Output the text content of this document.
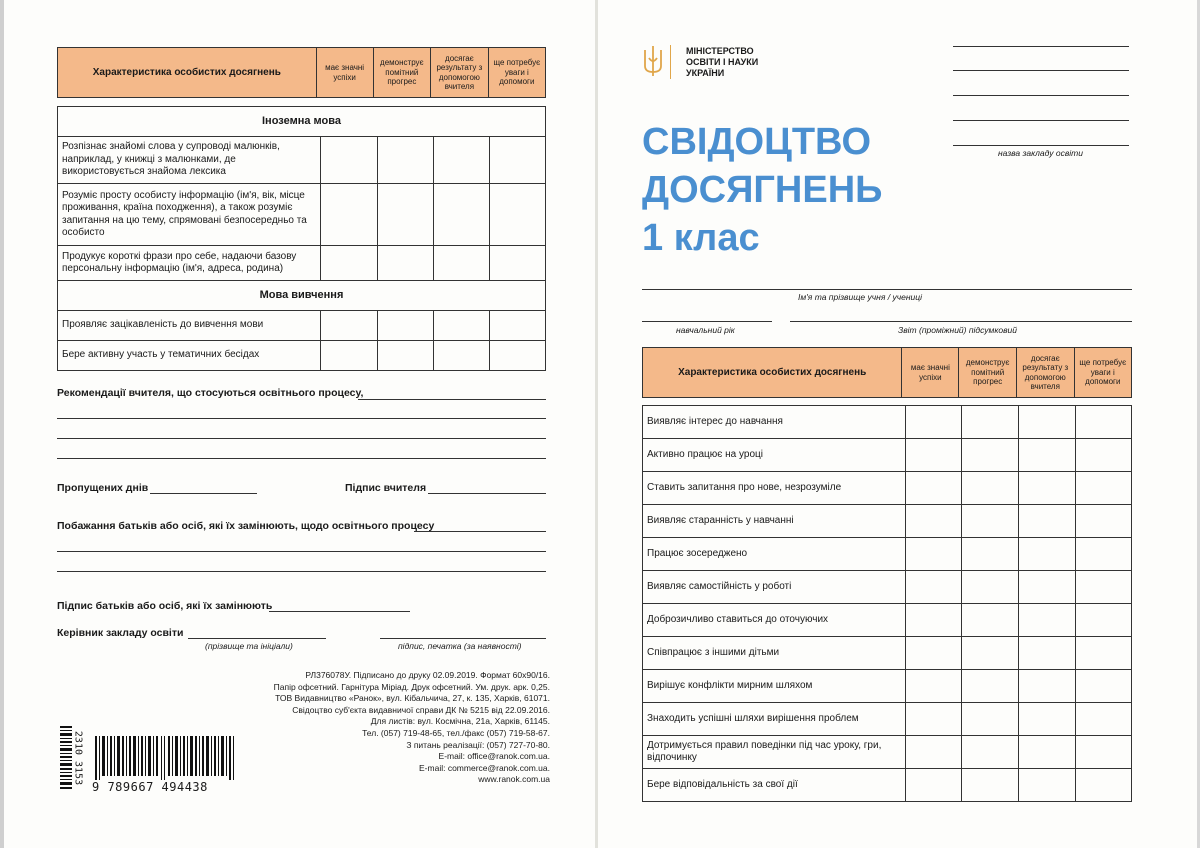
Характеристика особистих досягнень	має значні успіхи	демонструє помітний прогрес	досягає результату з допомогою вчителя	ще потребує уваги і допомоги
Іноземна мова				
Розпізнає знайомі слова у супроводі малюнків, наприклад, у книжці з малюнками, де використовується знайома лексика				
Розуміє просту особисту інформацію (ім'я, вік, місце проживання, країна походження), а також розуміє запитання на цю тему, спрямовані безпосередньо та особисто				
Продукує короткі фрази про себе, надаючи базову персональну інформацію (ім'я, адреса, родина)				
Мова вивчення				
Проявляє зацікавленість до вивчення мови				
Бере активну участь у тематичних бесідах				
Рекомендації вчителя, що стосуються освітнього процесу,
Пропущених днів	Підпис вчителя
Побажання батьків або осіб, які їх замінюють, щодо освітнього процесу
Підпис батьків або осіб, які їх замінюють
Керівник закладу освіти
(прізвище та ініціали)	підпис, печатка (за наявності)
РЛ376078У. Підписано до друку 02.09.2019. Формат 60х90/16.
Папір офсетний. Гарнітура Міріад. Друк офсетний. Ум. друк. арк. 0,25.
ТОВ Видавництво «Ранок», вул. Кібальчича, 27, к. 135, Харків, 61071.
Свідоцтво суб'єкта видавничої справи ДК № 5215 від 22.09.2016.
Для листів: вул. Космічна, 21а, Харків, 61145.
Тел. (057) 719-48-65, тел./факс (057) 719-58-67.
З питань реалізації: (057) 727-70-80.
E-mail: office@ranok.com.ua.
E-mail: commerce@ranok.com.ua.
www.ranok.com.ua
9 789667 494438
2310 3153
МІНІСТЕРСТВО
ОСВІТИ І НАУКИ
УКРАЇНИ
назва закладу освіти
СВІДОЦТВО
ДОСЯГНЕНЬ
1 клас
Ім'я та прізвище учня / учениці
навчальний рік	Звіт (проміжний) підсумковий
Характеристика особистих досягнень	має значні успіхи	демонструє помітний прогрес	досягає результату з допомогою вчителя	ще потребує уваги і допомоги
Виявляє інтерес до навчання				
Активно працює на уроці				
Ставить запитання про нове, незрозуміле				
Виявляє старанність у навчанні				
Працює зосереджено				
Виявляє самостійність у роботі				
Доброзичливо ставиться до оточуючих				
Співпрацює з іншими дітьми				
Вирішує конфлікти мирним шляхом				
Знаходить успішні шляхи вирішення проблем				
Дотримується правил поведінки під час уроку, гри, відпочинку				
Бере відповідальність за свої дії				
